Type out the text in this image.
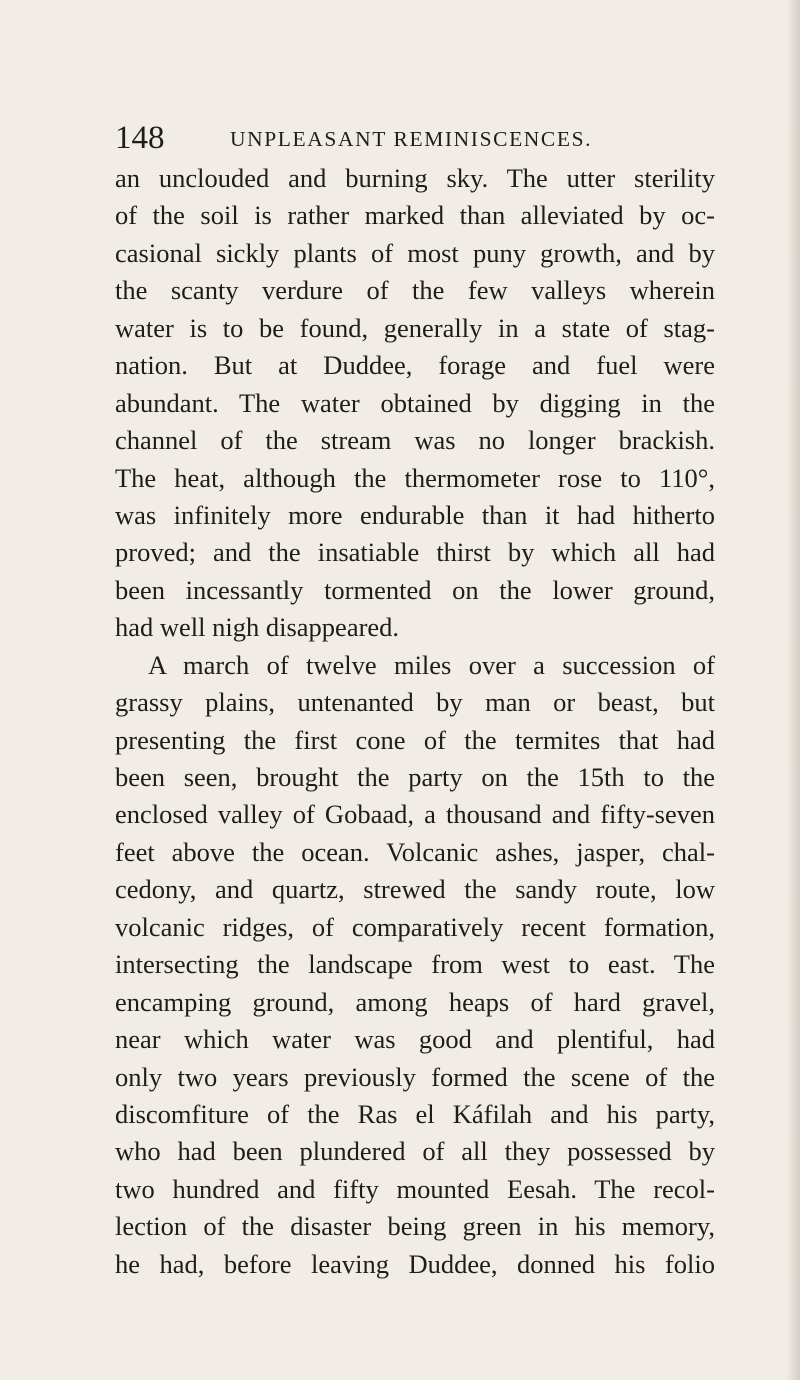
148	UNPLEASANT REMINISCENCES.
an unclouded and burning sky. The utter sterility
of the soil is rather marked than alleviated by oc-
casional sickly plants of most puny growth, and by
the scanty verdure of the few valleys wherein
water is to be found, generally in a state of stag-
nation. But at Duddee, forage and fuel were
abundant. The water obtained by digging in the
channel of the stream was no longer brackish.
The heat, although the thermometer rose to 110°,
was infinitely more endurable than it had hitherto
proved; and the insatiable thirst by which all had
been incessantly tormented on the lower ground,
had well nigh disappeared.
A march of twelve miles over a succession of
grassy plains, untenanted by man or beast, but
presenting the first cone of the termites that had
been seen, brought the party on the 15th to the
enclosed valley of Gobaad, a thousand and fifty-seven
feet above the ocean. Volcanic ashes, jasper, chal-
cedony, and quartz, strewed the sandy route, low
volcanic ridges, of comparatively recent formation,
intersecting the landscape from west to east. The
encamping ground, among heaps of hard gravel,
near which water was good and plentiful, had
only two years previously formed the scene of the
discomfiture of the Ras el Káfilah and his party,
who had been plundered of all they possessed by
two hundred and fifty mounted Eesah. The recol-
lection of the disaster being green in his memory,
he had, before leaving Duddee, donned his folio
